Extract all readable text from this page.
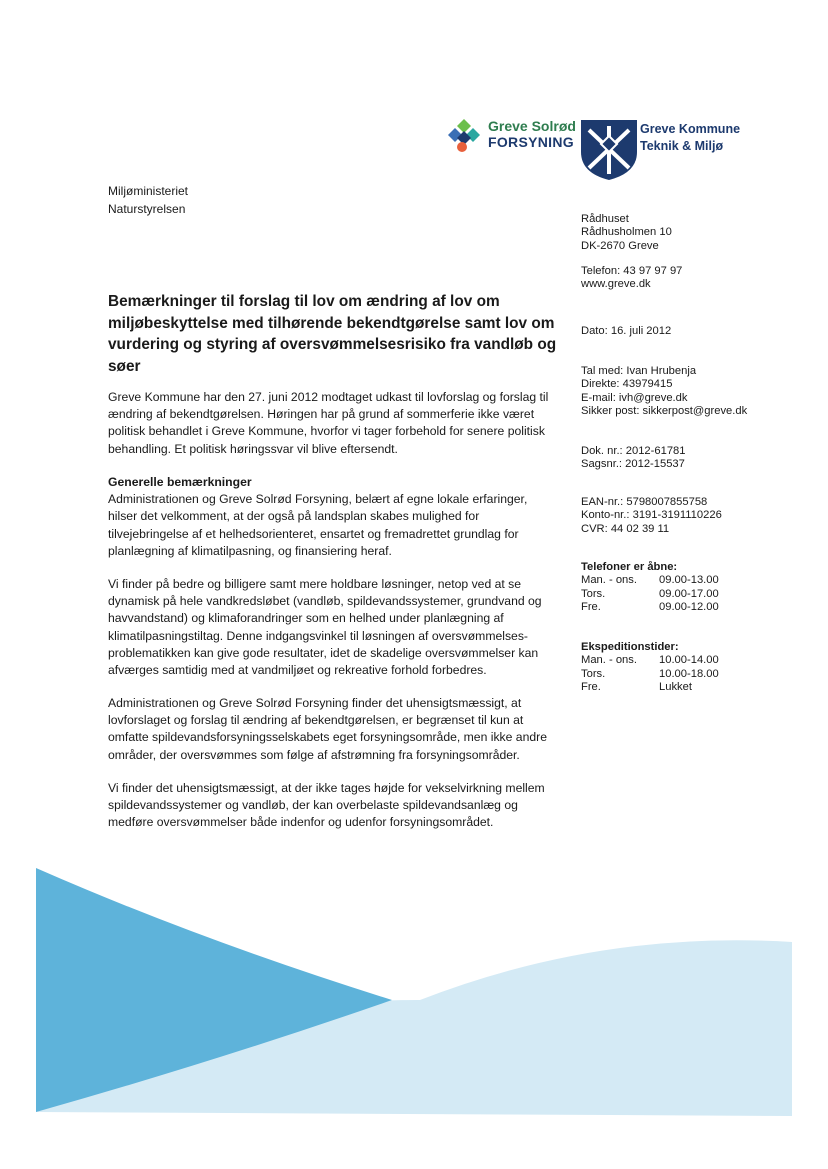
Greve Solrød
FORSYNING
Greve Kommune
Teknik & Miljø
Miljøministeriet
Naturstyrelsen
Bemærkninger til forslag til lov om ændring af lov om
miljøbeskyttelse med tilhørende bekendtgørelse samt lov om
vurdering og styring af oversvømmelsesrisiko fra vandløb og
søer
Greve Kommune har den 27. juni 2012 modtaget udkast til lovforslag og forslag til
ændring af bekendtgørelsen. Høringen har på grund af sommerferie ikke været
politisk behandlet i Greve Kommune, hvorfor vi tager forbehold for senere politisk
behandling. Et politisk høringssvar vil blive eftersendt.
Generelle bemærkninger
Administrationen og Greve Solrød Forsyning, belært af egne lokale erfaringer,
hilser det velkomment, at der også på landsplan skabes mulighed for
tilvejebringelse af et helhedsorienteret, ensartet og fremadrettet grundlag for
planlægning af klimatilpasning, og finansiering heraf.
Vi finder på bedre og billigere samt mere holdbare løsninger, netop ved at se
dynamisk på hele vandkredsløbet (vandløb, spildevandssystemer, grundvand og
havvandstand) og klimaforandringer som en helhed under planlægning af
klimatilpasningstiltag. Denne indgangsvinkel til løsningen af oversvømmelses-
problematikken kan give gode resultater, idet de skadelige oversvømmelser kan
afværges samtidig med at vandmiljøet og rekreative forhold forbedres.
Administrationen og Greve Solrød Forsyning finder det uhensigtsmæssigt, at
lovforslaget og forslag til ændring af bekendtgørelsen, er begrænset til kun at
omfatte spildevandsforsyningsselskabets eget forsyningsområde, men ikke andre
områder, der oversvømmes som følge af afstrømning fra forsyningsområder.
Vi finder det uhensigtsmæssigt, at der ikke tages højde for vekselvirkning mellem
spildevandssystemer og vandløb, der kan overbelaste spildevandsanlæg og
medføre oversvømmelser både indenfor og udenfor forsyningsområdet.
Rådhuset
Rådhusholmen 10
DK-2670 Greve
Telefon: 43 97 97 97
www.greve.dk
Dato: 16. juli 2012
Tal med: Ivan Hrubenja
Direkte: 43979415
E-mail: ivh@greve.dk
Sikker post: sikkerpost@greve.dk
Dok. nr.: 2012-61781
Sagsnr.: 2012-15537
EAN-nr.: 5798007855758
Konto-nr.: 3191-3191110226
CVR: 44 02 39 11
Telefoner er åbne:
Man. - ons.	09.00-13.00
Tors.	09.00-17.00
Fre.	09.00-12.00
Ekspeditionstider:
Man. - ons.	10.00-14.00
Tors.	10.00-18.00
Fre.	Lukket
